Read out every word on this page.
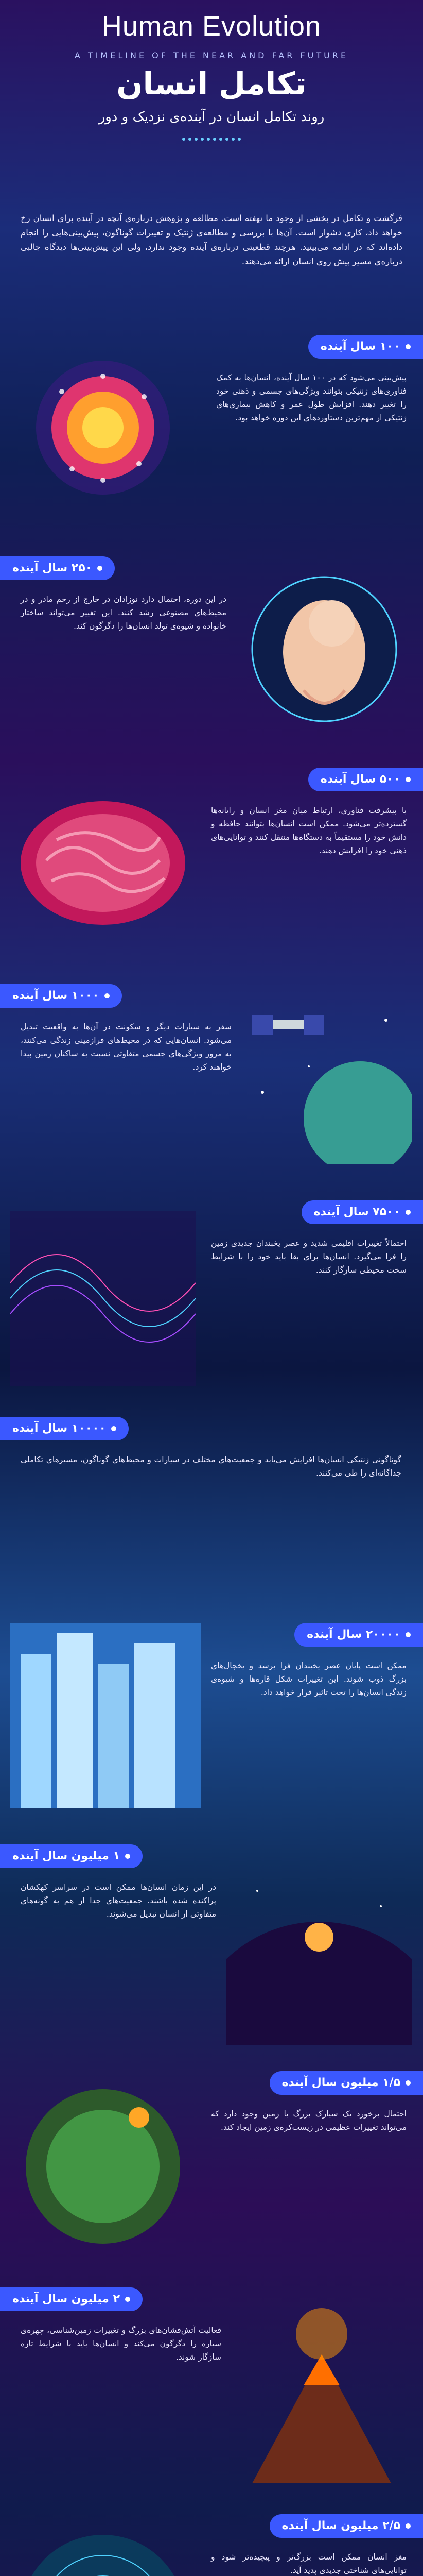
Human Evolution
A TIMELINE OF THE NEAR AND FAR FUTURE
تکامل انسان
روند تکامل انسان در آینده‌ی نزدیک و دور
فرگشت و تکامل در بخشی از وجود ما نهفته است. مطالعه و پژوهش درباره‌ی آنچه در آینده برای انسان رخ خواهد داد، کاری دشوار است. آن‌ها با بررسی و مطالعه‌ی ژنتیک و تغییرات گوناگون، پیش‌بینی‌هایی را انجام داده‌اند که در ادامه می‌بینید. هرچند قطعیتی درباره‌ی آینده وجود ندارد، ولی این پیش‌بینی‌ها دیدگاه جالبی درباره‌ی مسیر پیش روی انسان ارائه می‌دهند.
۱۰۰ سال آینده
پیش‌بینی می‌شود که در ۱۰۰ سال آینده، انسان‌ها به کمک فناوری‌های ژنتیکی بتوانند ویژگی‌های جسمی و ذهنی خود را تغییر دهند. افزایش طول عمر و کاهش بیماری‌های ژنتیکی از مهم‌ترین دستاوردهای این دوره خواهد بود.
۲۵۰ سال آینده
در این دوره، احتمال دارد نوزادان در خارج از رحم مادر و در محیط‌های مصنوعی رشد کنند. این تغییر می‌تواند ساختار خانواده و شیوه‌ی تولد انسان‌ها را دگرگون کند.
۵۰۰ سال آینده
با پیشرفت فناوری، ارتباط میان مغز انسان و رایانه‌ها گسترده‌تر می‌شود. ممکن است انسان‌ها بتوانند حافظه و دانش خود را مستقیماً به دستگاه‌ها منتقل کنند و توانایی‌های ذهنی خود را افزایش دهند.
۱۰۰۰ سال آینده
سفر به سیارات دیگر و سکونت در آن‌ها به واقعیت تبدیل می‌شود. انسان‌هایی که در محیط‌های فرازمینی زندگی می‌کنند، به مرور ویژگی‌های جسمی متفاوتی نسبت به ساکنان زمین پیدا خواهند کرد.
۷۵۰۰ سال آینده
احتمالاً تغییرات اقلیمی شدید و عصر یخبندان جدیدی زمین را فرا می‌گیرد. انسان‌ها برای بقا باید خود را با شرایط سخت محیطی سازگار کنند.
۱۰۰۰۰ سال آینده
گوناگونی ژنتیکی انسان‌ها افزایش می‌یابد و جمعیت‌های مختلف در سیارات و محیط‌های گوناگون، مسیرهای تکاملی جداگانه‌ای را طی می‌کنند.
۲۰۰۰۰ سال آینده
ممکن است پایان عصر یخبندان فرا برسد و یخچال‌های بزرگ ذوب شوند. این تغییرات شکل قاره‌ها و شیوه‌ی زندگی انسان‌ها را تحت تأثیر قرار خواهد داد.
۱ میلیون سال آینده
در این زمان انسان‌ها ممکن است در سراسر کهکشان پراکنده شده باشند. جمعیت‌های جدا از هم به گونه‌های متفاوتی از انسان تبدیل می‌شوند.
۱/۵ میلیون سال آینده
احتمال برخورد یک سیارک بزرگ با زمین وجود دارد که می‌تواند تغییرات عظیمی در زیست‌کره‌ی زمین ایجاد کند.
۲ میلیون سال آینده
فعالیت آتش‌فشان‌های بزرگ و تغییرات زمین‌شناسی، چهره‌ی سیاره را دگرگون می‌کند و انسان‌ها باید با شرایط تازه سازگار شوند.
۲/۵ میلیون سال آینده
مغز انسان ممکن است بزرگ‌تر و پیچیده‌تر شود و توانایی‌های شناختی جدیدی پدید آید.
